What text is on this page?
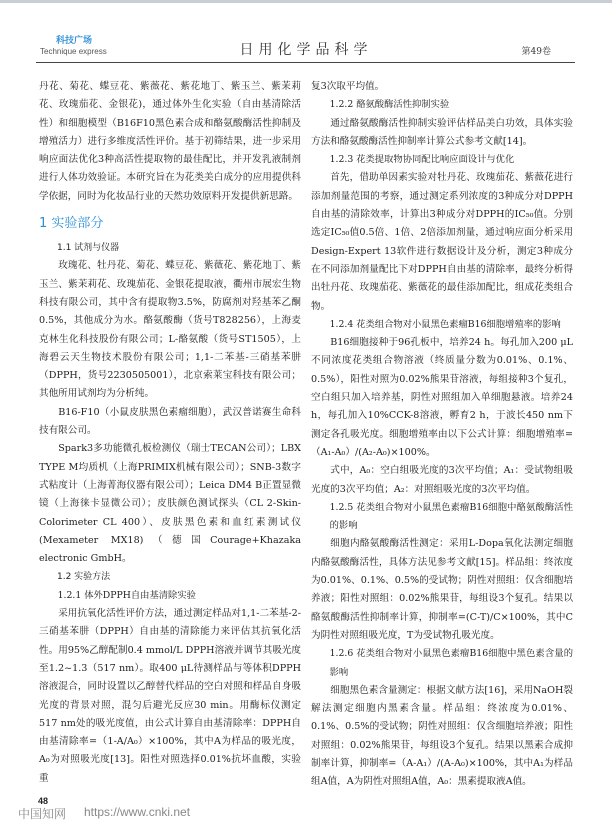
科技广场
Technique express	日用化学品科学	第49卷

丹花、菊花、蝶豆花、紫薇花、紫花地丁、紫玉兰、紫茉莉花、玫瑰茄花、金银花)，通过体外生化实验（自由基清除活性）和细胞模型（B16F10黑色素合成和酪氨酸酶活性抑制及增殖活力）进行多维度活性评价。基于初筛结果，进一步采用响应面法优化3种高活性提取物的最佳配比，并开发乳液制剂进行人体功效验证。本研究旨在为花类美白成分的应用提供科学依据，同时为化妆品行业的天然功效原料开发提供新思路。

1 实验部分

1.1 试剂与仪器

玫瑰花、牡丹花、菊花、蝶豆花、紫薇花、紫花地丁、紫玉兰、紫茉莉花、玫瑰茄花、金银花提取液，衢州市展宏生物科技有限公司，其中含有提取物3.5%，防腐剂对羟基苯乙酮0.5%，其他成分为水。酪氨酸酶（货号T828256），上海麦克林生化科技股份有限公司；L-酪氨酸（货号ST1505），上海碧云天生物技术股份有限公司；1,1-二苯基-三硝基苯肼（DPPH，货号2230505001），北京索莱宝科技有限公司；其他所用试剂均为分析纯。

B16-F10（小鼠皮肤黑色素瘤细胞），武汉普诺赛生命科技有限公司。

Spark3多功能微孔板检测仪（瑞士TECAN公司）；LBX TYPE M均质机（上海PRIMIX机械有限公司）；SNB-3数字式粘度计（上海菁海仪器有限公司）；Leica DM4 B正置显微镜（上海徕卡显微公司）；皮肤颜色测试探头（CL 2-Skin-Colorimeter CL 400）、皮肤黑色素和血红素测试仪(Mexameter MX18)（德国Courage+Khazaka electronic GmbH。

1.2 实验方法

1.2.1 体外DPPH自由基清除实验

采用抗氧化活性评价方法，通过测定样品对1,1-二苯基-2-三硝基苯肼（DPPH）自由基的清除能力来评估其抗氧化活性。用95%乙醇配制0.4 mmol/L DPPH溶液并调节其吸光度至1.2~1.3（517 nm）。取400 μL待测样品与等体积DPPH溶液混合，同时设置以乙醇替代样品的空白对照和样品自身吸光度的背景对照，混匀后避光反应30 min。用酶标仪测定517 nm处的吸光度值，由公式计算自由基清除率：DPPH自由基清除率=（1-A/A₀）×100%，其中A为样品的吸光度，A₀为对照吸光度[13]。阳性对照选择0.01%抗坏血酸，实验重

复3次取平均值。

1.2.2 酪氨酸酶活性抑制实验

通过酪氨酸酶活性抑制实验评估样品美白功效，具体实验方法和酪氨酸酶活性抑制率计算公式参考文献[14]。

1.2.3 花类提取物协同配比响应面设计与优化

首先，借助单因素实验对牡丹花、玫瑰茄花、紫薇花进行添加剂量范围的考察，通过测定系列浓度的3种成分对DPPH自由基的清除效率，计算出3种成分对DPPH的IC₅₀值。分别选定IC₅₀值0.5倍、1倍、2倍添加剂量，通过响应面分析采用Design-Expert 13软件进行数据设计及分析，测定3种成分在不同添加剂量配比下对DPPH自由基的清除率，最终分析得出牡丹花、玫瑰茄花、紫薇花的最佳添加配比，组成花类组合物。

1.2.4 花类组合物对小鼠黑色素瘤B16细胞增殖率的影响

B16细胞接种于96孔板中，培养24 h。每孔加入200 μL不同浓度花类组合物溶液（终质量分数为0.01%、0.1%、0.5%），阳性对照为0.02%熊果苷溶液，每组接种3个复孔，空白组只加入培养基，阴性对照组加入单细胞悬液。培养24 h，每孔加入10%CCK-8溶液，孵育2 h，于波长450 nm下测定各孔吸光度。细胞增殖率由以下公式计算：细胞增殖率=（A₁-A₀）/(A₂-A₀)×100%。

式中，A₀：空白组吸光度的3次平均值；A₁：受试物组吸光度的3次平均值；A₂：对照组吸光度的3次平均值。

1.2.5 花类组合物对小鼠黑色素瘤B16细胞中酪氨酸酶活性的影响

细胞内酪氨酸酶活性测定：采用L-Dopa氧化法测定细胞内酪氨酸酶活性，具体方法见参考文献[15]。样品组：终浓度为0.01%、0.1%、0.5%的受试物；阴性对照组：仅含细胞培养液；阳性对照组：0.02%熊果苷，每组设3个复孔。结果以酪氨酸酶活性抑制率计算，抑制率=(C-T)/C×100%，其中C为阴性对照组吸光度，T为受试物孔吸光度。

1.2.6 花类组合物对小鼠黑色素瘤B16细胞中黑色素含量的影响

细胞黑色素含量测定：根据文献方法[16]，采用NaOH裂解法测定细胞内黑素含量。样品组：终浓度为0.01%、0.1%、0.5%的受试物；阴性对照组：仅含细胞培养液；阳性对照组：0.02%熊果苷，每组设3个复孔。结果以黑素合成抑制率计算，抑制率=（A-A₁）/(A-A₀)×100%，其中A₁为样品组A值，A为阴性对照组A值，A₀：黑素提取液A值。

48
中国知网 https://www.cnki.net
